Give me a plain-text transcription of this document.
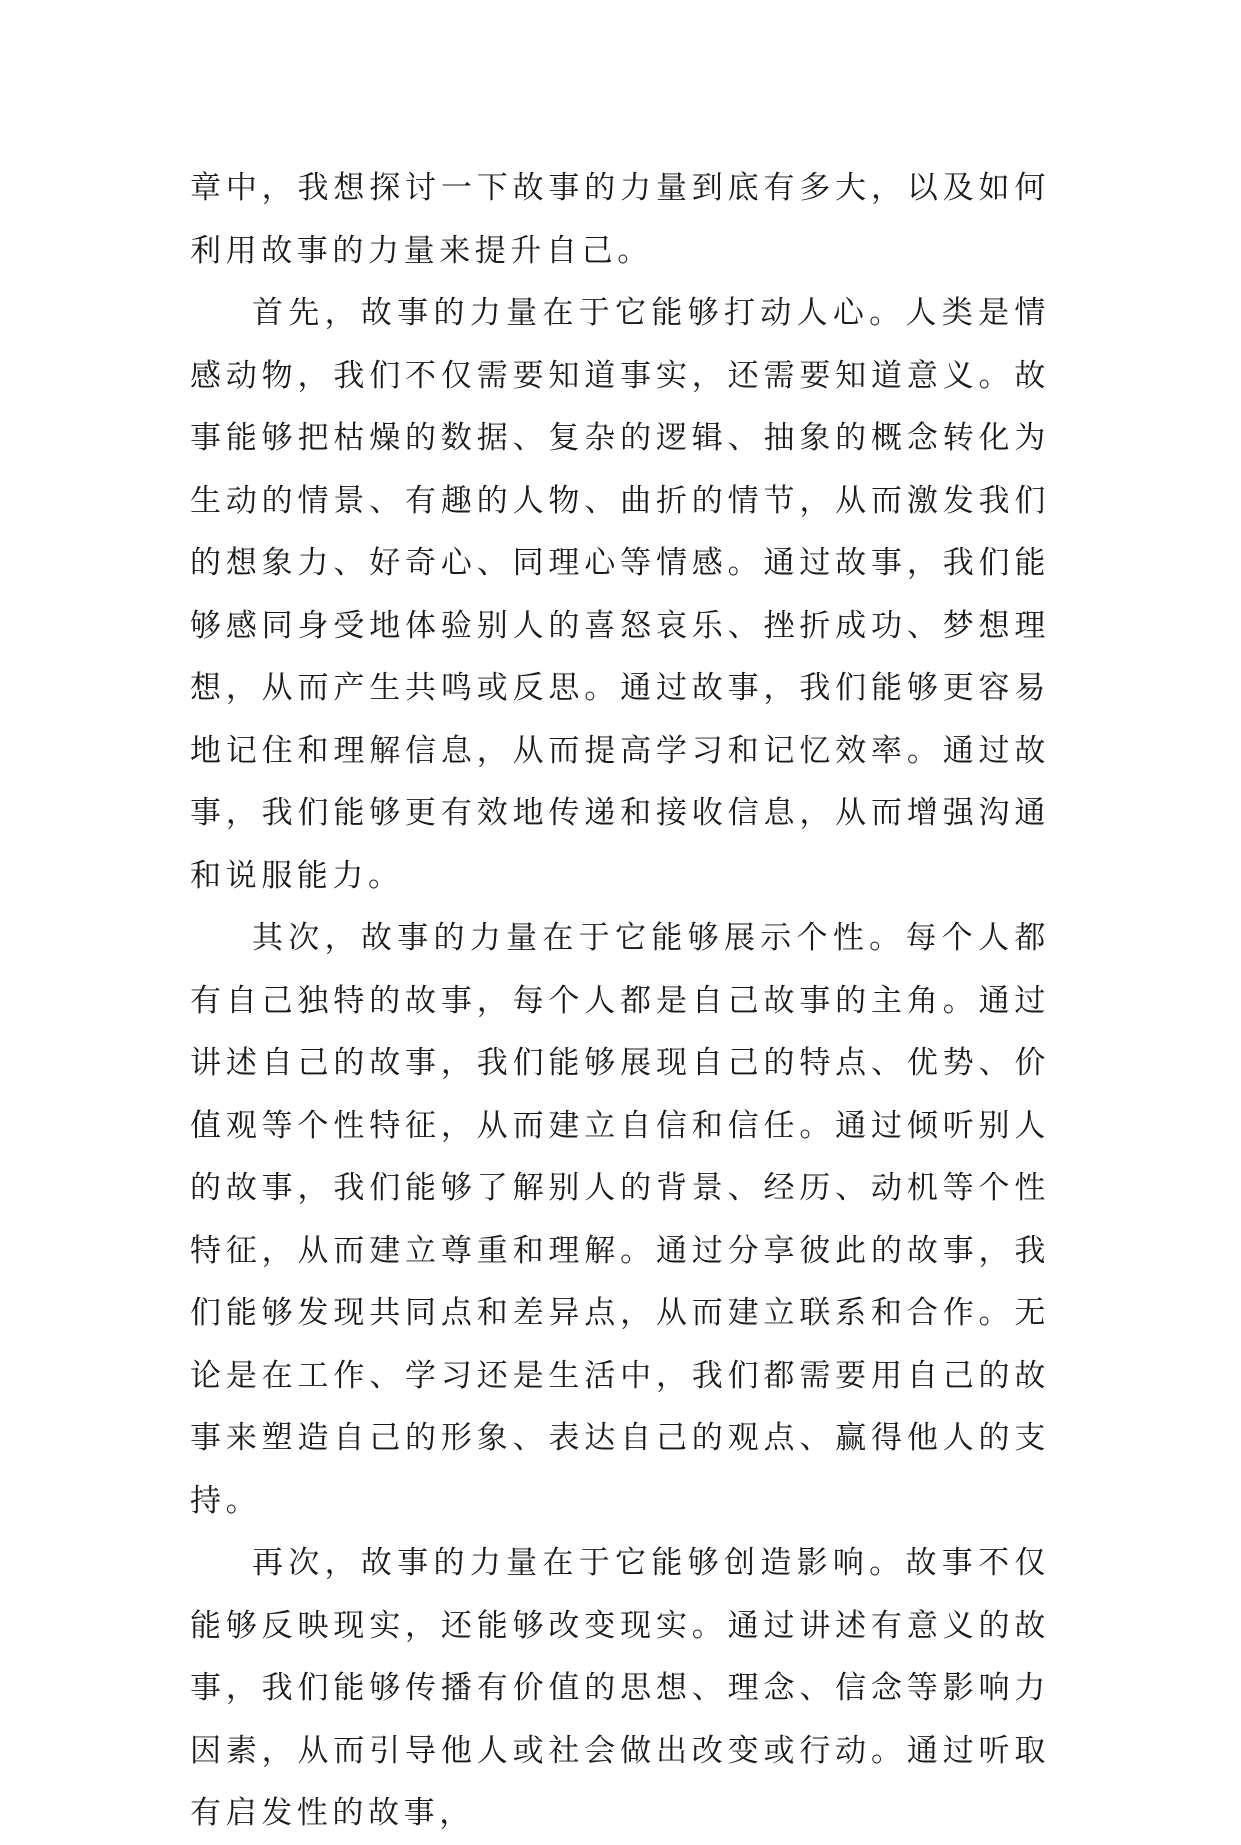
章中，我想探讨一下故事的力量到底有多大，以及如何利用故事的力量来提升自己。

首先，故事的力量在于它能够打动人心。人类是情感动物，我们不仅需要知道事实，还需要知道意义。故事能够把枯燥的数据、复杂的逻辑、抽象的概念转化为生动的情景、有趣的人物、曲折的情节，从而激发我们的想象力、好奇心、同理心等情感。通过故事，我们能够感同身受地体验别人的喜怒哀乐、挫折成功、梦想理想，从而产生共鸣或反思。通过故事，我们能够更容易地记住和理解信息，从而提高学习和记忆效率。通过故事，我们能够更有效地传递和接收信息，从而增强沟通和说服能力。

其次，故事的力量在于它能够展示个性。每个人都有自己独特的故事，每个人都是自己故事的主角。通过讲述自己的故事，我们能够展现自己的特点、优势、价值观等个性特征，从而建立自信和信任。通过倾听别人的故事，我们能够了解别人的背景、经历、动机等个性特征，从而建立尊重和理解。通过分享彼此的故事，我们能够发现共同点和差异点，从而建立联系和合作。无论是在工作、学习还是生活中，我们都需要用自己的故事来塑造自己的形象、表达自己的观点、赢得他人的支持。

再次，故事的力量在于它能够创造影响。故事不仅能够反映现实，还能够改变现实。通过讲述有意义的故事，我们能够传播有价值的思想、理念、信念等影响力因素，从而引导他人或社会做出改变或行动。通过听取有启发性的故事，
